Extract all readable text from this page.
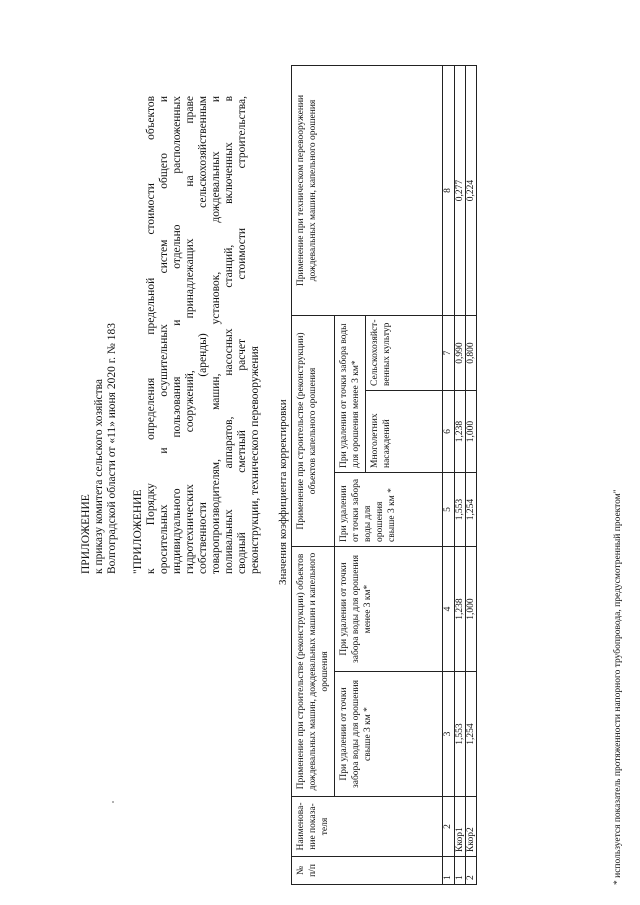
ПРИЛОЖЕНИЕ к приказу комитета сельского хозяйства Волгоградской области от «11» июня 2020 г. № 183 "ПРИЛОЖЕНИЕ к Порядку определения предельной стоимости объектов оросительных и осушительных систем общего и индивидуального пользования и отдельно расположенных гидротехнических сооружений, принадлежащих на праве собственности (аренды) сельскохозяйственным товаропроизводителям, машин, установок, дождевальных и поливальных аппаратов, насосных станций, включенных в сводный сметный расчет стоимости строительства, реконструкции, технического перевооружения Значения коэффициента корректировки
№ п/п	Наименова-ние показа-теля	Применение при строительстве (реконструкции) объектов дождевальных машин, дождевальных машин и капельного орошения		Применение при строительстве (реконструкции) объектов капельного орошения			Применение при техническом перевооружении дождевальных машин, капельного орошения
		При удалении от точки забора воды для орошения свыше 3 км *	При удалении от точки забора воды для орошения менее 3 км*	При удалении от точки забора воды для орошения свыше 3 км *	При удалении от точки забора воды для орошения менее 3 км*		
					Многолетних насаждений	Сельскохозяйст-венных культур	
1	2	3	4	5	6	7	8
1	Ккор1	1,553	1,238	1,553	1,238	0,990	0,277
2	Ккор2	1,254	1,000	1,254	1,000	0,800	0,224
* используется показатель протяженности напорного трубопровода, предусмотренный проектом"
